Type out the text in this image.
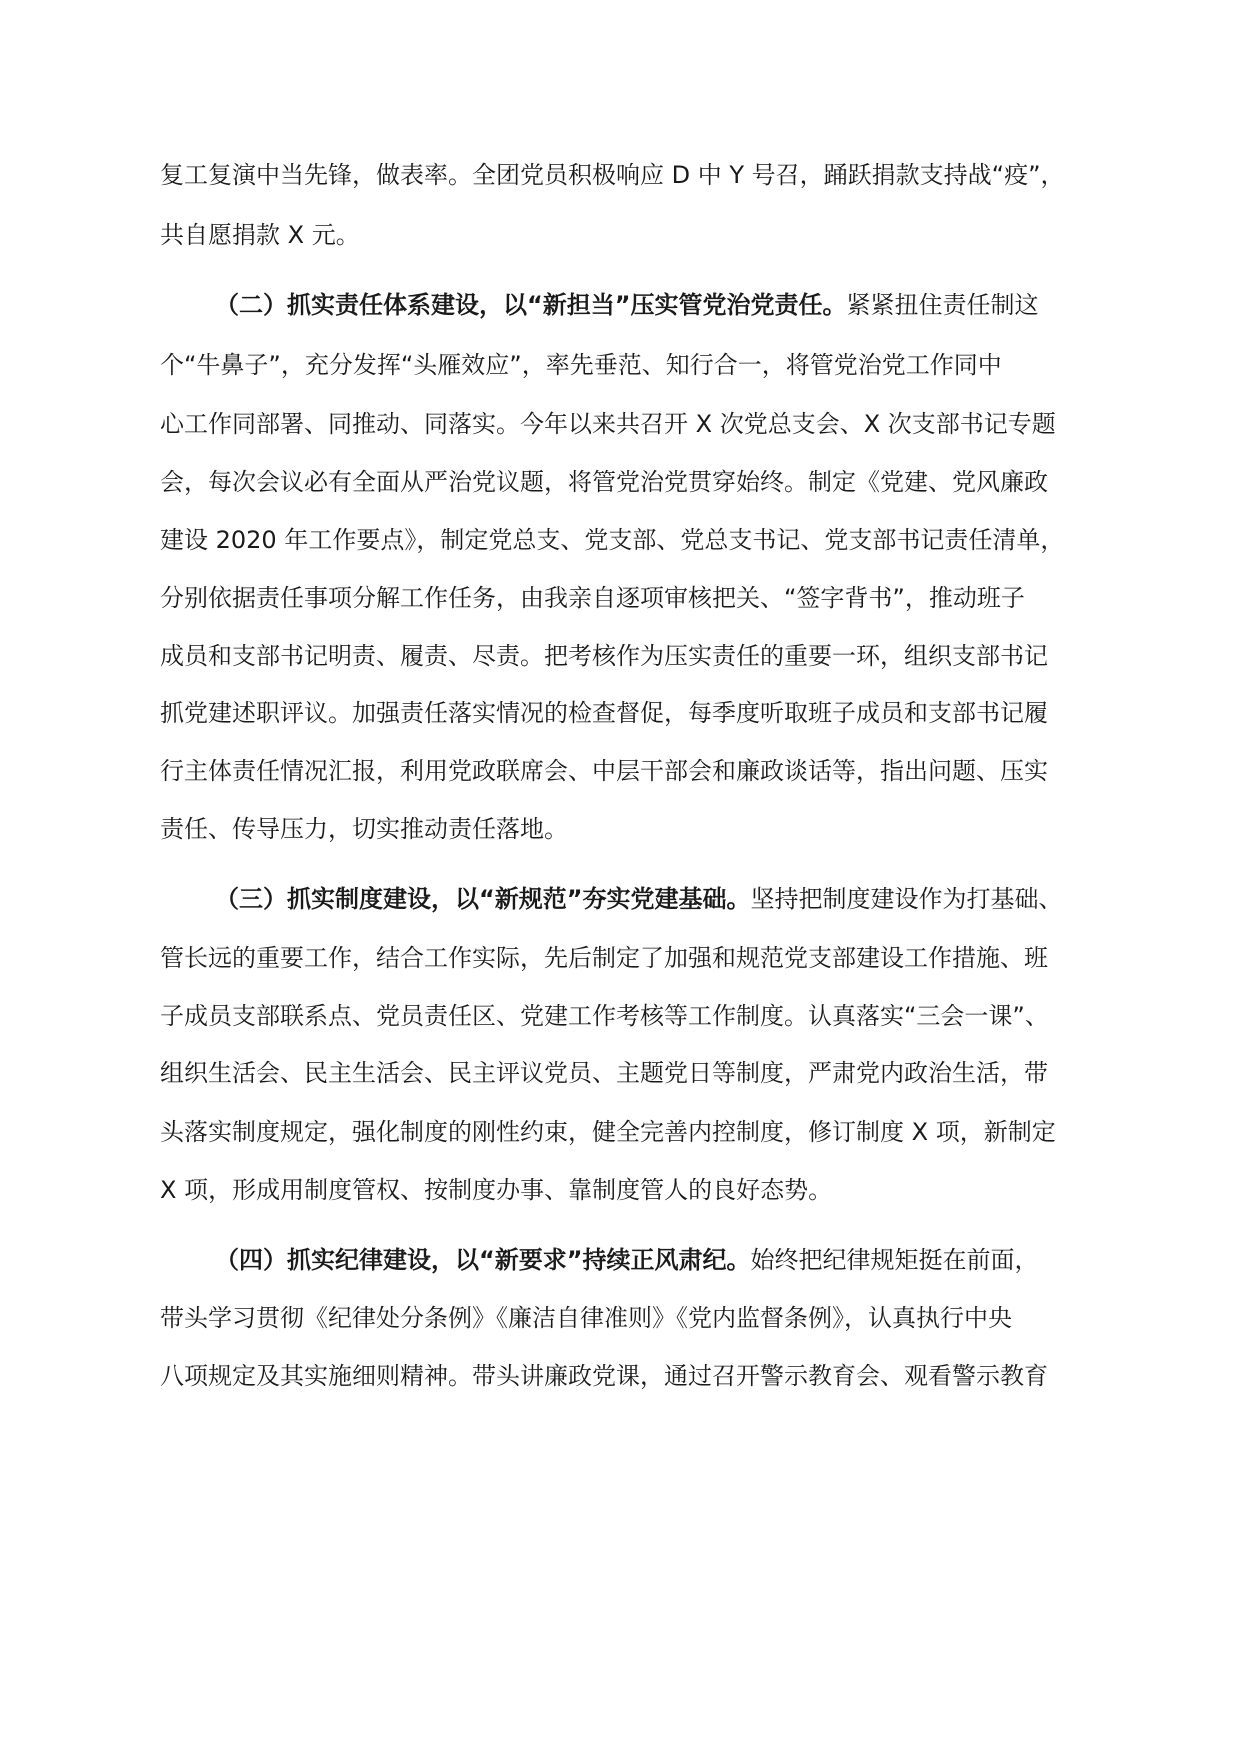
复工复演中当先锋，做表率。全团党员积极响应 D 中 Y 号召，踊跃捐款支持战“疫”，
共自愿捐款 X 元。
（二）抓实责任体系建设，以“新担当”压实管党治党责任。紧紧扭住责任制这
个“牛鼻子”，充分发挥“头雁效应”，率先垂范、知行合一，将管党治党工作同中
心工作同部署、同推动、同落实。今年以来共召开 X 次党总支会、X 次支部书记专题
会，每次会议必有全面从严治党议题，将管党治党贯穿始终。制定《党建、党风廉政
建设 2020 年工作要点》，制定党总支、党支部、党总支书记、党支部书记责任清单，
分别依据责任事项分解工作任务，由我亲自逐项审核把关、“签字背书”，推动班子
成员和支部书记明责、履责、尽责。把考核作为压实责任的重要一环，组织支部书记
抓党建述职评议。加强责任落实情况的检查督促，每季度听取班子成员和支部书记履
行主体责任情况汇报，利用党政联席会、中层干部会和廉政谈话等，指出问题、压实
责任、传导压力，切实推动责任落地。
（三）抓实制度建设，以“新规范”夯实党建基础。坚持把制度建设作为打基础、
管长远的重要工作，结合工作实际，先后制定了加强和规范党支部建设工作措施、班
子成员支部联系点、党员责任区、党建工作考核等工作制度。认真落实“三会一课”、
组织生活会、民主生活会、民主评议党员、主题党日等制度，严肃党内政治生活，带
头落实制度规定，强化制度的刚性约束，健全完善内控制度，修订制度 X 项，新制定
X 项，形成用制度管权、按制度办事、靠制度管人的良好态势。
（四）抓实纪律建设，以“新要求”持续正风肃纪。始终把纪律规矩挺在前面，
带头学习贯彻《纪律处分条例》《廉洁自律准则》《党内监督条例》，认真执行中央
八项规定及其实施细则精神。带头讲廉政党课，通过召开警示教育会、观看警示教育
